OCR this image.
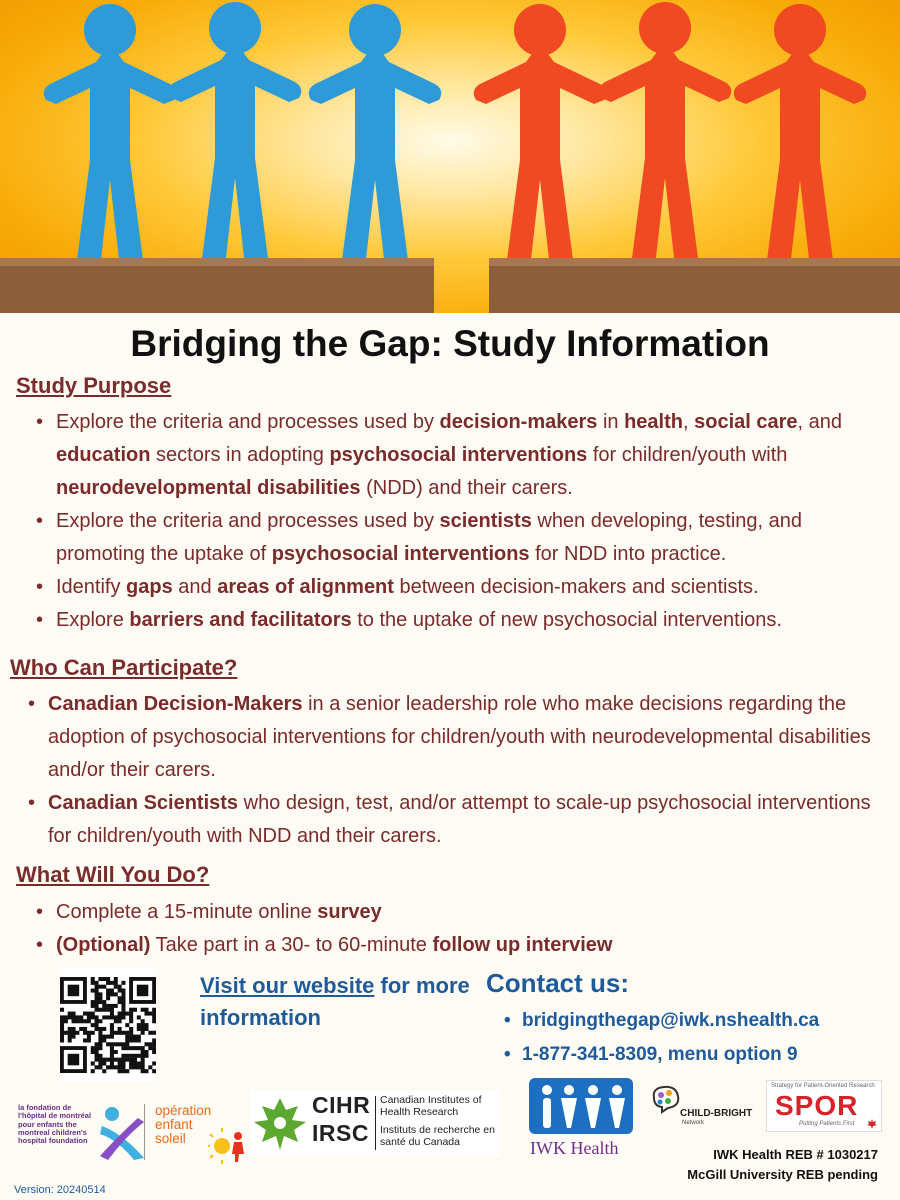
Bridging the Gap: Study Information
Study Purpose
• Explore the criteria and processes used by decision-makers in health, social care, and education sectors in adopting psychosocial interventions for children/youth with neurodevelopmental disabilities (NDD) and their carers.
• Explore the criteria and processes used by scientists when developing, testing, and promoting the uptake of psychosocial interventions for NDD into practice.
• Identify gaps and areas of alignment between decision-makers and scientists.
• Explore barriers and facilitators to the uptake of new psychosocial interventions.
Who Can Participate?
• Canadian Decision-Makers in a senior leadership role who make decisions regarding the adoption of psychosocial interventions for children/youth with neurodevelopmental disabilities and/or their carers.
• Canadian Scientists who design, test, and/or attempt to scale-up psychosocial interventions for children/youth with NDD and their carers.
What Will You Do?
• Complete a 15-minute online survey
• (Optional) Take part in a 30- to 60-minute follow up interview
Visit our website for more information
Contact us:
• bridgingthegap@iwk.nshealth.ca
• 1-877-341-8309, menu option 9
la fondation de l'hôpital de montréal pour enfants the montreal children's hospital foundation
opération enfant soleil
CIHR
IRSC
Canadian Institutes of Health Research
Instituts de recherche en santé du Canada	IWK Health
CHILD-BRIGHT
Network
Strategy for Patient-Oriented Research
SPOR
Putting Patients First
IWK Health REB # 1030217
McGill University REB pending
Version: 20240514
